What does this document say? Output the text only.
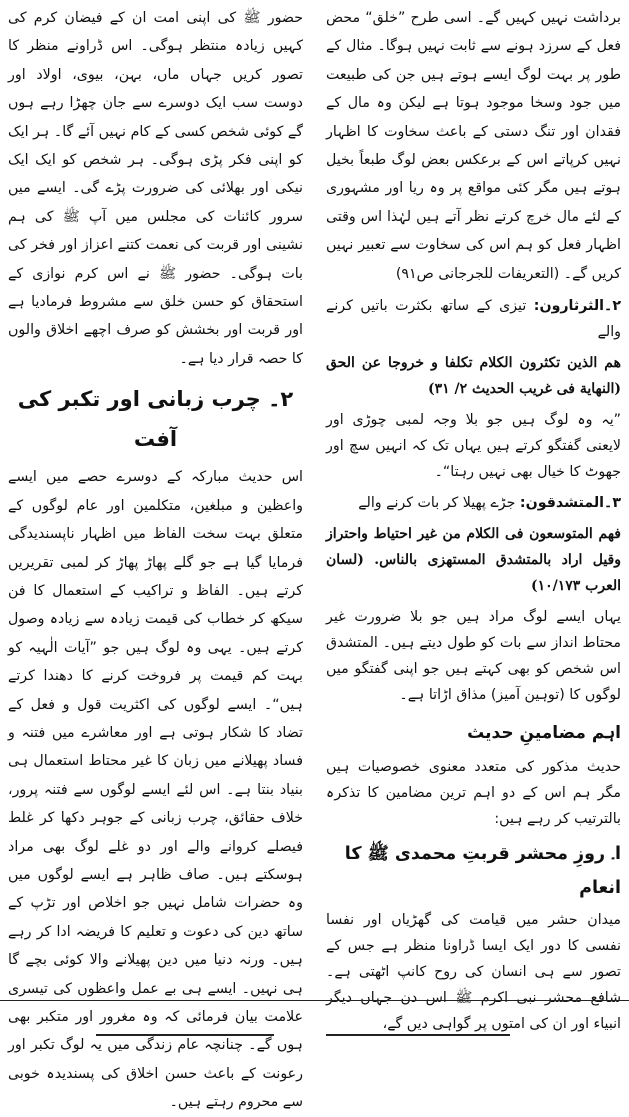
برداشت نہیں کہیں گے۔ اسی طرح ”خلق“ محض فعل کے سرزد ہونے سے ثابت نہیں ہوگا۔ مثال کے طور پر بہت لوگ ایسے ہوتے ہیں جن کی طبیعت میں جود وسخا موجود ہوتا ہے لیکن وہ مال کے فقدان اور تنگ دستی کے باعث سخاوت کا اظہار نہیں کرپاتے اس کے برعکس بعض لوگ طبعاً بخیل ہوتے ہیں مگر کئی مواقع پر وہ ریا اور مشہوری کے لئے مال خرچ کرتے نظر آتے ہیں لہٰذا اس وقتی اظہار فعل کو ہم اس کی سخاوت سے تعبیر نہیں کریں گے۔ (التعریفات للجرجانی ص۹۱)

۲۔الثرثارون: تیزی کے ساتھ بکثرت باتیں کرنے والے

هم الذين تكثرون الكلام تكلفا و خروجا عن الحق (النهاية فى غريب الحديث ۲/ ۳۱)

”یہ وہ لوگ ہیں جو بلا وجہ لمبی چوڑی اور لایعنی گفتگو کرتے ہیں یہاں تک کہ انہیں سچ اور جھوٹ کا خیال بھی نہیں رہتا“۔

۳۔المتشدقون: جڑے پھیلا کر بات کرنے والے

فهم المتوسعون فى الكلام من غير احتياط واحتراز وقيل اراد بالمتشدق المستهزى بالناس. (لسان العرب ۱۰/۱۷۳)

یہاں ایسے لوگ مراد ہیں جو بلا ضرورت غیر محتاط انداز سے بات کو طول دیتے ہیں۔ المتشدق اس شخص کو بھی کہتے ہیں جو اپنی گفتگو میں لوگوں کا (توہین آمیز) مذاق اڑاتا ہے۔

اہم مضامینِ حدیث

حدیث مذکور کی متعدد معنوی خصوصیات ہیں مگر ہم اس کے دو اہم ترین مضامین کا تذکرہ بالترتیب کر رہے ہیں:

ا۔ روزِ محشر قربتِ محمدی ﷺ کا انعام

میدان حشر میں قیامت کی گھڑیاں اور نفسا نفسی کا دور ایک ایسا ڈراونا منظر ہے جس کے تصور سے ہی انسان کی روح کانپ اٹھتی ہے۔ شافع محشر نبی اکرم ﷺ اس دن جہاں دیگر انبیاء اور ان کی امتوں پر گواہی دیں گے،

حضور ﷺ کی اپنی امت ان کے فیضان کرم کی کہیں زیادہ منتظر ہوگی۔ اس ڈراونے منظر کا تصور کریں جہاں ماں، بہن، بیوی، اولاد اور دوست سب ایک دوسرے سے جان چھڑا رہے ہوں گے کوئی شخص کسی کے کام نہیں آئے گا۔ ہر ایک کو اپنی فکر پڑی ہوگی۔ ہر شخص کو ایک ایک نیکی اور بھلائی کی ضرورت پڑے گی۔ ایسے میں سرور کائنات کی مجلس میں آپ ﷺ کی ہم نشینی اور قربت کی نعمت کتنے اعزاز اور فخر کی بات ہوگی۔ حضور ﷺ نے اس کرم نوازی کے استحقاق کو حسن خلق سے مشروط فرمادیا ہے اور قربت اور بخشش کو صرف اچھے اخلاق والوں کا حصہ قرار دیا ہے۔

۲۔ چرب زبانی اور تکبر کی آفت

اس حدیث مبارکہ کے دوسرے حصے میں ایسے واعظین و مبلغین، متکلمین اور عام لوگوں کے متعلق بہت سخت الفاظ میں اظہار ناپسندیدگی فرمایا گیا ہے جو گلے پھاڑ پھاڑ کر لمبی تقریریں کرتے ہیں۔ الفاظ و تراکیب کے استعمال کا فن سیکھ کر خطاب کی قیمت زیادہ سے زیادہ وصول کرتے ہیں۔ یہی وہ لوگ ہیں جو ”آیات الٰہیہ کو بہت کم قیمت پر فروخت کرنے کا دھندا کرتے ہیں“۔ ایسے لوگوں کی اکثریت قول و فعل کے تضاد کا شکار ہوتی ہے اور معاشرے میں فتنہ و فساد پھیلانے میں زبان کا غیر محتاط استعمال ہی بنیاد بنتا ہے۔ اس لئے ایسے لوگوں سے فتنہ پرور، خلاف حقائق، چرب زبانی کے جوہر دکھا کر غلط فیصلے کروانے والے اور دو غلے لوگ بھی مراد ہوسکتے ہیں۔ صاف ظاہر ہے ایسے لوگوں میں وہ حضرات شامل نہیں جو اخلاص اور تڑپ کے ساتھ دین کی دعوت و تعلیم کا فریضہ ادا کر رہے ہیں۔ ورنہ دنیا میں دین پھیلانے والا کوئی بچے گا ہی نہیں۔ ایسے ہی بے عمل واعظوں کی تیسری علامت بیان فرمائی کہ وہ مغرور اور متکبر بھی ہوں گے۔ چنانچہ عام زندگی میں یہ لوگ تکبر اور رعونت کے باعث حسن اخلاق کی پسندیدہ خوبی سے محروم رہتے ہیں۔
